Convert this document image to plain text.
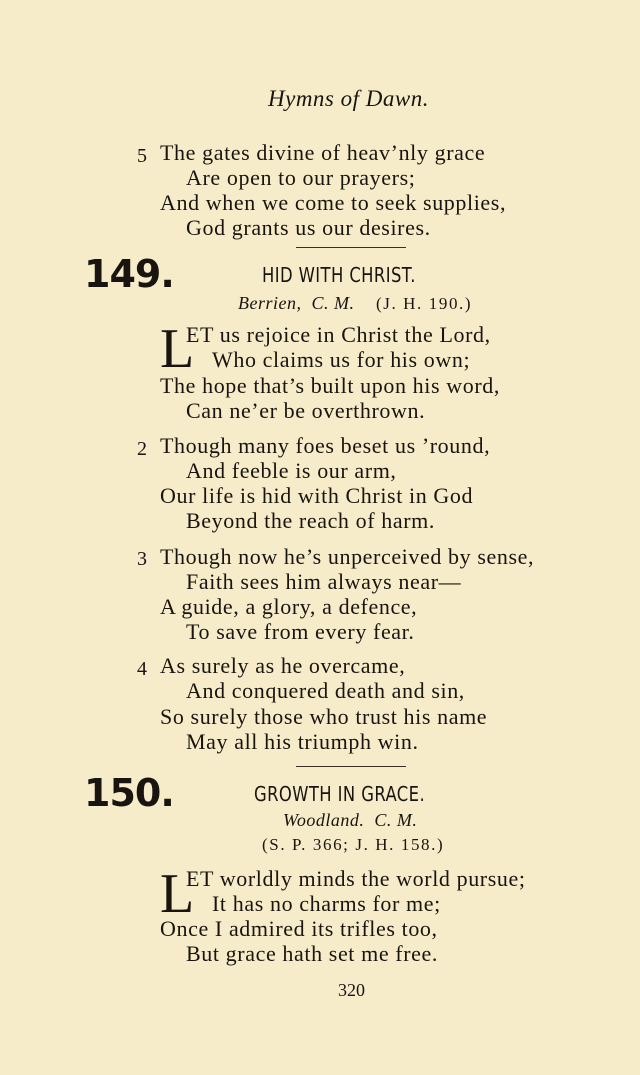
Hymns of Dawn.
5 The gates divine of heav’nly grace
Are open to our prayers;
And when we come to seek supplies,
God grants us our desires.
149.	HID WITH CHRIST.
Berrien,  C. M. (J. H. 190.)
L
ET us rejoice in Christ the Lord,
Who claims us for his own;
The hope that’s built upon his word,
Can ne’er be overthrown.
2 Though many foes beset us ’round,
And feeble is our arm,
Our life is hid with Christ in God
Beyond the reach of harm.
3 Though now he’s unperceived by sense,
Faith sees him always near—
A guide, a glory, a defence,
To save from every fear.
4 As surely as he overcame,
And conquered death and sin,
So surely those who trust his name
May all his triumph win.
150.	GROWTH IN GRACE.
Woodland. C. M.
(S. P. 366; J. H. 158.)
L
ET worldly minds the world pursue;
It has no charms for me;
Once I admired its trifles too,
But grace hath set me free.
320
